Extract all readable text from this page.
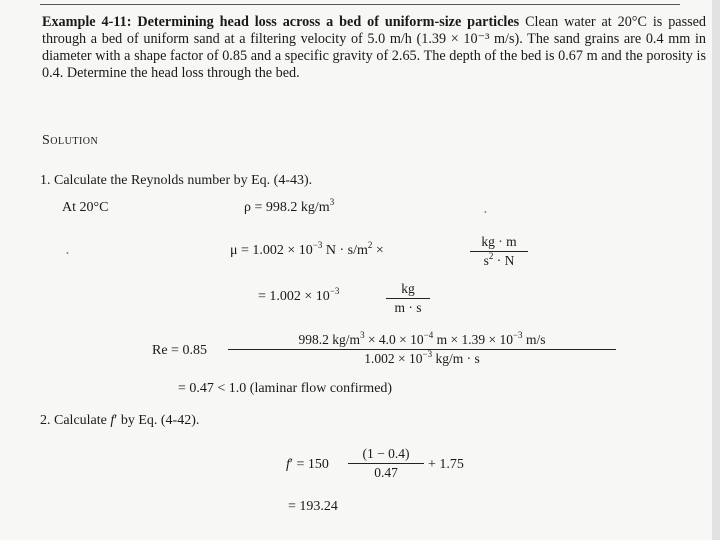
Example 4-11: Determining head loss across a bed of uniform-size particles Clean water at 20°C is passed through a bed of uniform sand at a filtering velocity of 5.0 m/h (1.39 × 10⁻³ m/s). The sand grains are 0.4 mm in diameter with a shape factor of 0.85 and a specific gravity of 2.65. The depth of the bed is 0.67 m and the porosity is 0.4. Determine the head loss through the bed.

Solution
1. Calculate the Reynolds number by Eq. (4-43).
At 20°C	ρ = 998.2 $kg/m^3$
•
•	$\mu = 1.002 \times 10^{-3}$ $N \cdot s/m^2$ ×	$\frac{kg \cdot m}{s^2 \cdot N}$
= $1.002 \times 10^{-3}$	$\frac{kg}{m \cdot s}$
$Re = 0.85 \frac{998.2 kg/m^3 \times 4.0 \times 10^{-4} m \times 1.39 \times 10^{-3} m/s}{1.002 \times 10^{-3} kg/m \cdot s}$
= 0.47 < 1.0 (laminar flow confirmed)
2. Calculate f′ by Eq. (4-42).
$f' = 150 \frac{(1 - 0.4)}{0.47} + 1.75$
= 193.24
